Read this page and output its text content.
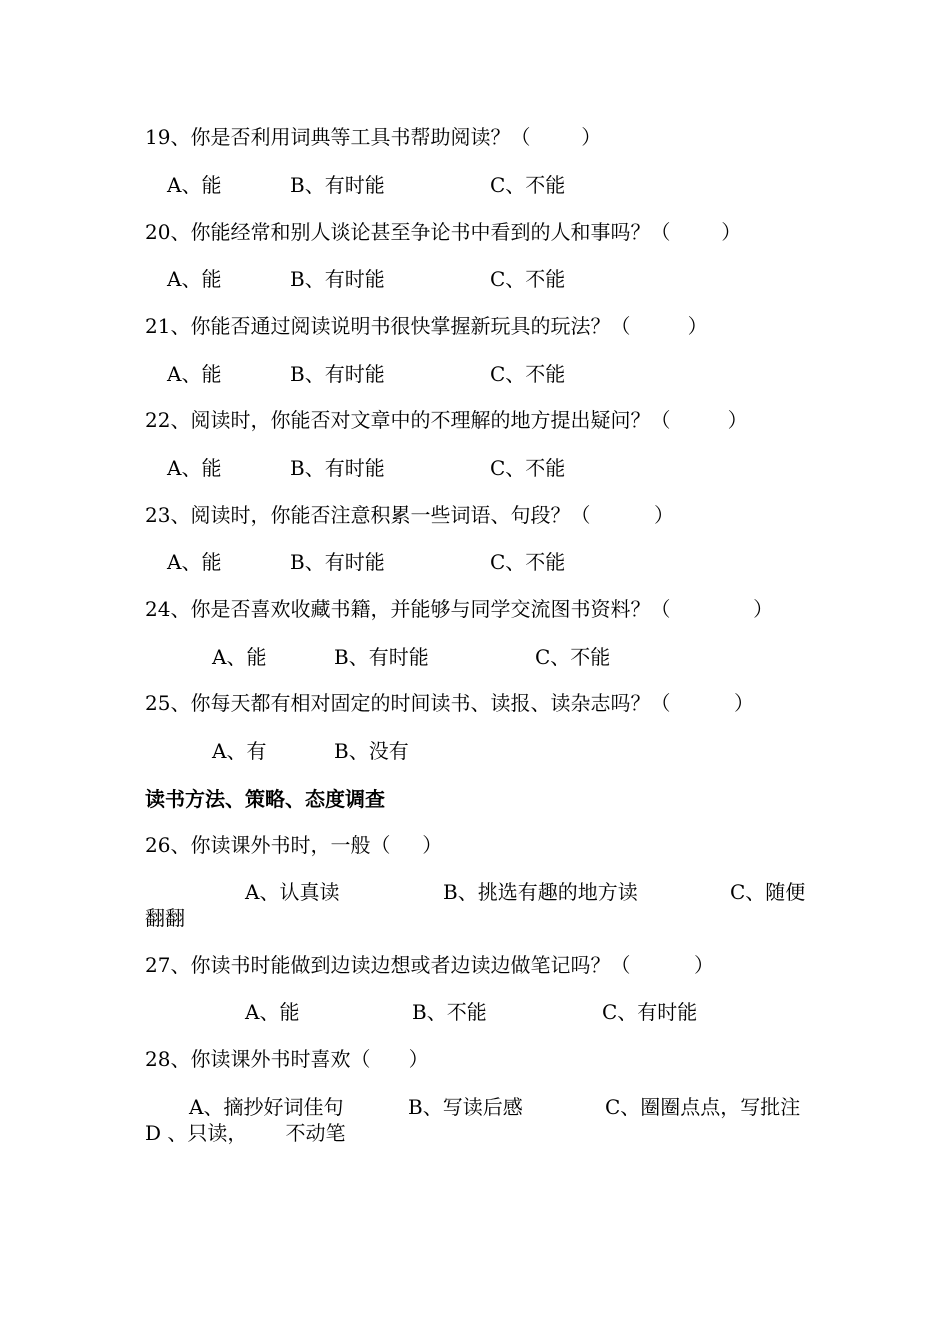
19、你是否利用词典等工具书帮助阅读？（        ）
A、能	B、有时能	C、不能
20、你能经常和别人谈论甚至争论书中看到的人和事吗？（        ）
A、能	B、有时能	C、不能
21、你能否通过阅读说明书很快掌握新玩具的玩法？（         ）
A、能	B、有时能	C、不能
22、阅读时，你能否对文章中的不理解的地方提出疑问？（         ）
A、能	B、有时能	C、不能
23、阅读时，你能否注意积累一些词语、句段？（          ）
A、能	B、有时能	C、不能
24、你是否喜欢收藏书籍，并能够与同学交流图书资料？（             ）
A、能	B、有时能	C、不能
25、你每天都有相对固定的时间读书、读报、读杂志吗？（          ）
A、有	B、没有
读书方法、策略、态度调查
26、你读课外书时，一般（     ）
A、认真读	B、挑选有趣的地方读	C、随便
翻翻
27、你读书时能做到边读边想或者边读边做笔记吗？（          ）
A、能	B、不能	C、有时能
28、你读课外书时喜欢（      ）
A、摘抄好词佳句	B、写读后感	C、圈圈点点，写批注
D 、只读，      不动笔
